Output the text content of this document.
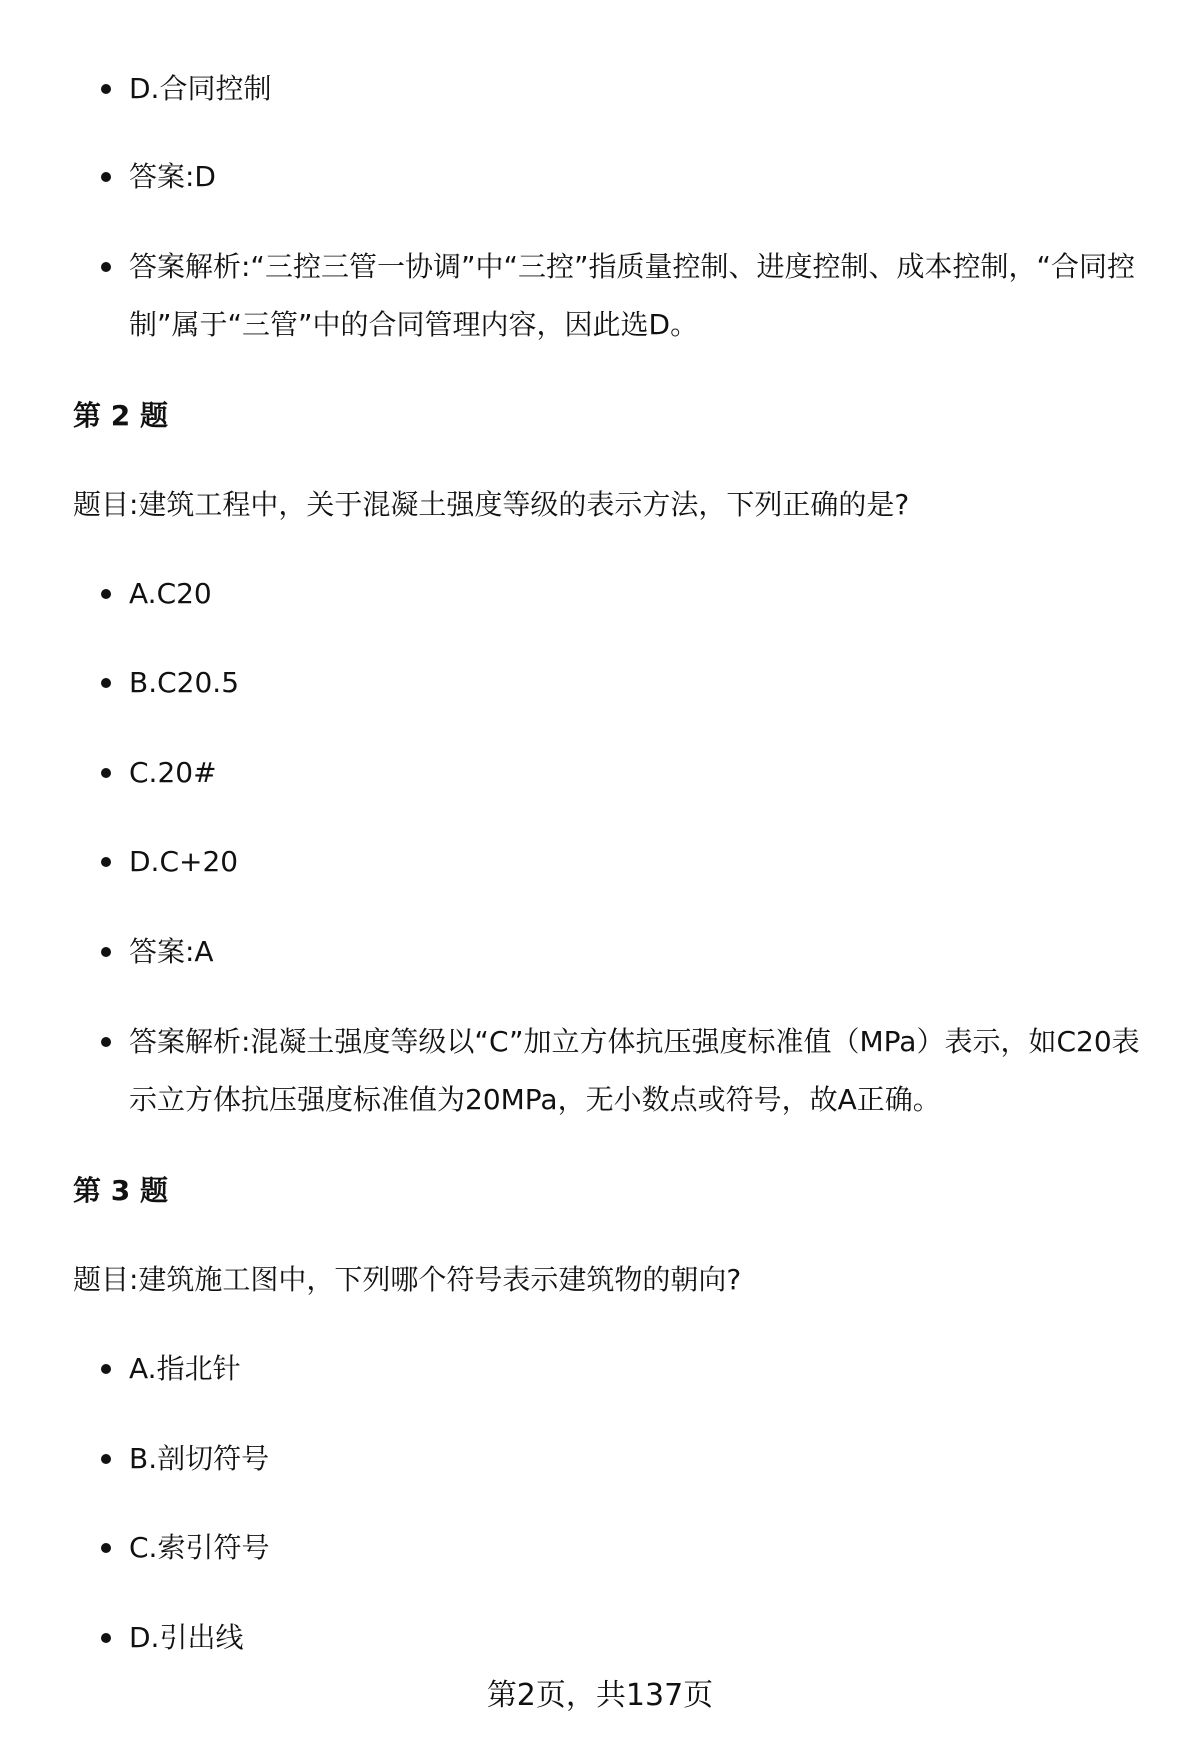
D.合同控制
答案:D
答案解析:“三控三管一协调”中“三控”指质量控制、进度控制、成本控制，“合同控制”属于“三管”中的合同管理内容，因此选D。
第 2 题
题目:建筑工程中，关于混凝土强度等级的表示方法，下列正确的是?
A.C20
B.C20.5
C.20#
D.C+20
答案:A
答案解析:混凝土强度等级以“C”加立方体抗压强度标准值（MPa）表示，如C20表示立方体抗压强度标准值为20MPa，无小数点或符号，故A正确。
第 3 题
题目:建筑施工图中，下列哪个符号表示建筑物的朝向?
A.指北针
B.剖切符号
C.索引符号
D.引出线
第2页，共137页
